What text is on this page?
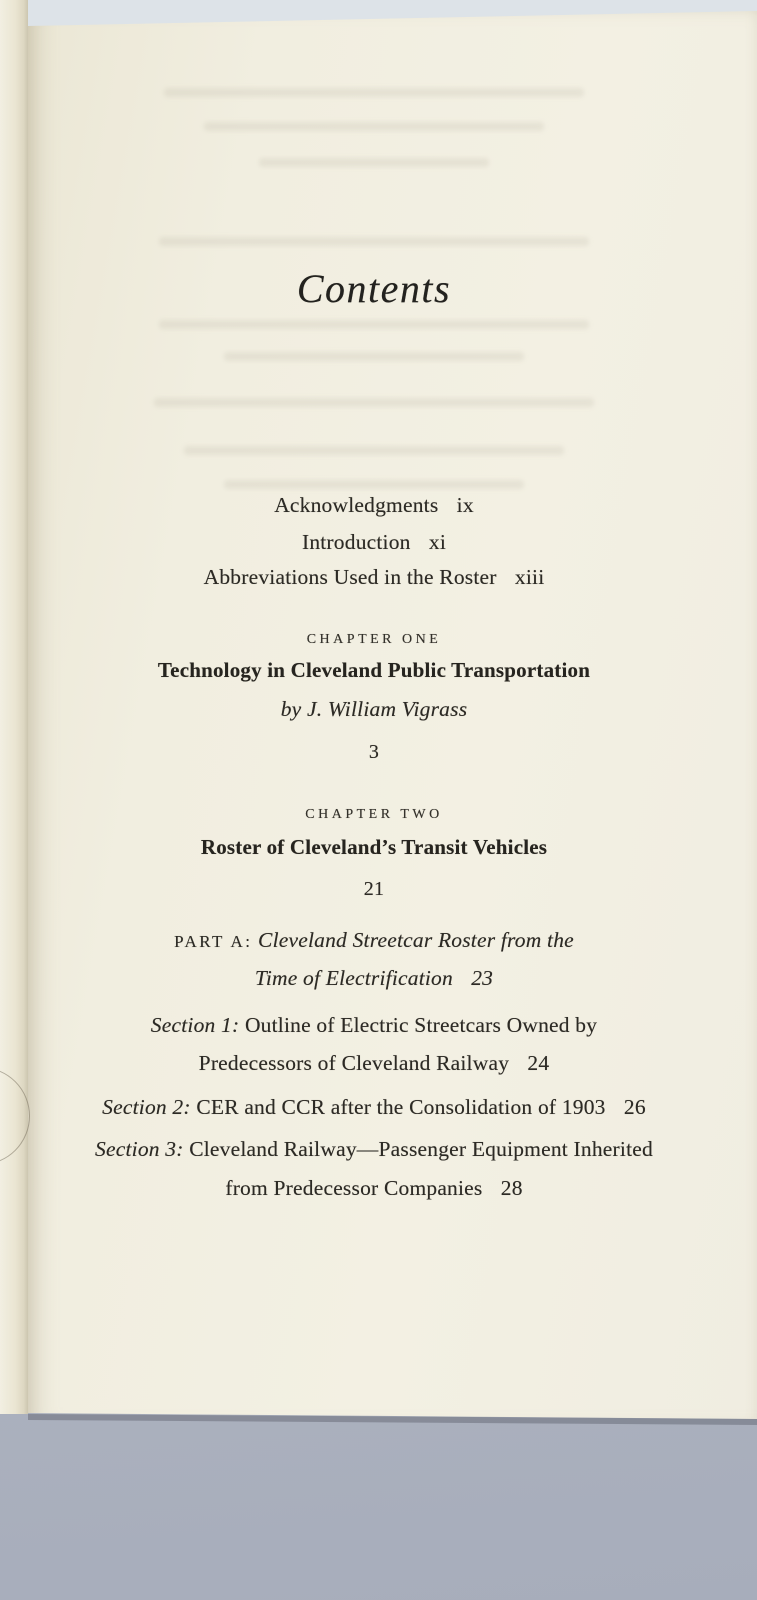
Contents
Acknowledgments ix
Introduction xi
Abbreviations Used in the Roster xiii
CHAPTER ONE
Technology in Cleveland Public Transportation
by J. William Vigrass
3
CHAPTER TWO
Roster of Cleveland’s Transit Vehicles
21
PART A: Cleveland Streetcar Roster from the
Time of Electrification 23
Section 1: Outline of Electric Streetcars Owned by
Predecessors of Cleveland Railway 24
Section 2: CER and CCR after the Consolidation of 1903 26
Section 3: Cleveland Railway—Passenger Equipment Inherited
from Predecessor Companies 28
